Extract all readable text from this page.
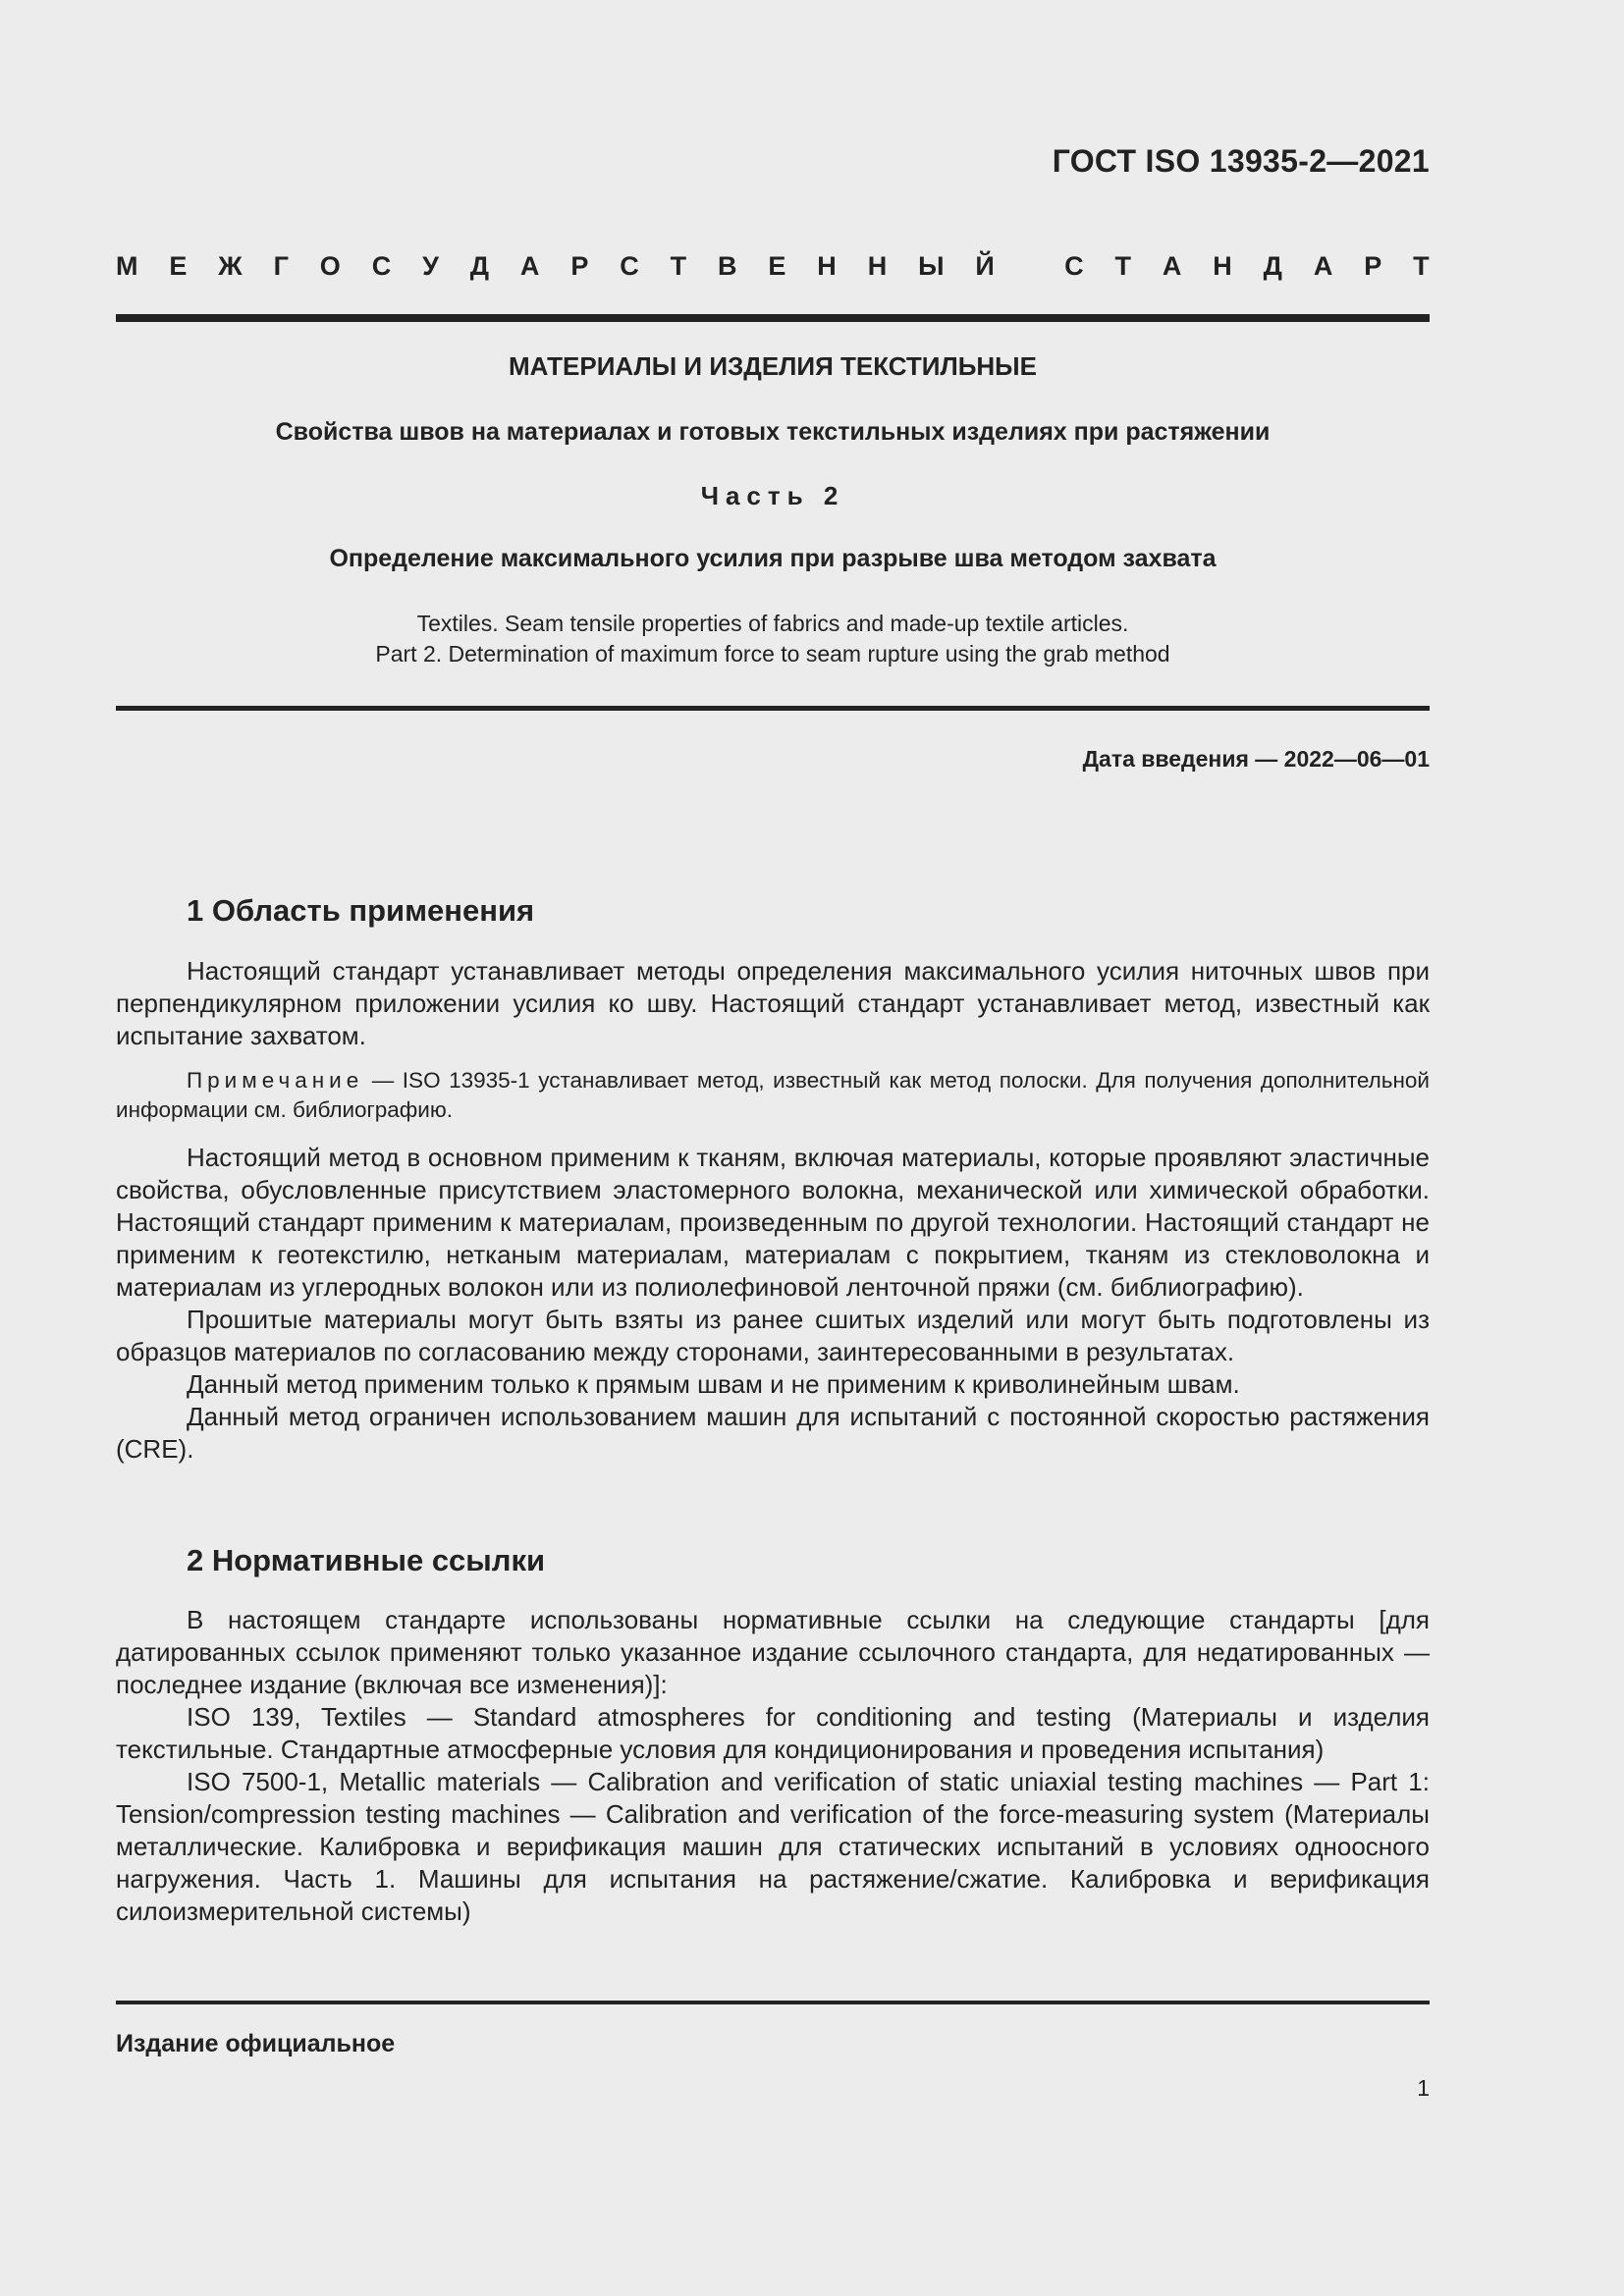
ГОСТ ISO 13935-2—2021
М Е Ж Г О С У Д А Р С Т В Е Н Н Ы Й
	С Т А Н Д А Р Т
МАТЕРИАЛЫ И ИЗДЕЛИЯ ТЕКСТИЛЬНЫЕ
Свойства швов на материалах и готовых текстильных изделиях при растяжении
Часть 2
Определение максимального усилия при разрыве шва методом захвата
Textiles. Seam tensile properties of fabrics and made-up textile articles.
Part 2. Determination of maximum force to seam rupture using the grab method
Дата введения — 2022—06—01
1 Область применения

Настоящий стандарт устанавливает методы определения максимального усилия ниточных швов при перпендикулярном приложении усилия ко шву. Настоящий стандарт устанавливает метод, известный как испытание захватом.

Примечание — ISO 13935-1 устанавливает метод, известный как метод полоски. Для получения дополнительной информации см. библиографию.

Настоящий метод в основном применим к тканям, включая материалы, которые проявляют эластичные свойства, обусловленные присутствием эластомерного волокна, механической или химической обработки. Настоящий стандарт применим к материалам, произведенным по другой технологии. Настоящий стандарт не применим к геотекстилю, нетканым материалам, материалам с покрытием, тканям из стекловолокна и материалам из углеродных волокон или из полиолефиновой ленточной пряжи (см. библиографию).

Прошитые материалы могут быть взяты из ранее сшитых изделий или могут быть подготовлены из образцов материалов по согласованию между сторонами, заинтересованными в результатах.

Данный метод применим только к прямым швам и не применим к криволинейным швам.

Данный метод ограничен использованием машин для испытаний с постоянной скоростью растяжения (CRE).

2 Нормативные ссылки

В настоящем стандарте использованы нормативные ссылки на следующие стандарты [для датированных ссылок применяют только указанное издание ссылочного стандарта, для недатированных — последнее издание (включая все изменения)]:

ISO 139, Textiles — Standard atmospheres for conditioning and testing (Материалы и изделия текстильные. Стандартные атмосферные условия для кондиционирования и проведения испытания)

ISO 7500-1, Metallic materials — Calibration and verification of static uniaxial testing machines — Part 1: Tension/compression testing machines — Calibration and verification of the force-measuring system (Материалы металлические. Калибровка и верификация машин для статических испытаний в условиях одноосного нагружения. Часть 1. Машины для испытания на растяжение/сжатие. Калибровка и верификация силоизмерительной системы)

Издание официальное
1
